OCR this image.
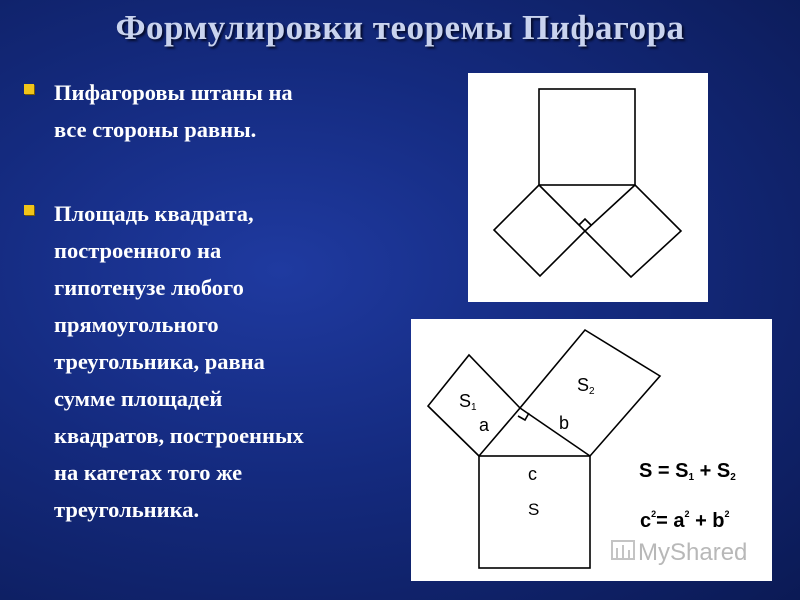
Формулировки теоремы Пифагора
Пифагоровы штаны на
все стороны равны.
Площадь квадрата,
построенного на
гипотенузе любого
прямоугольного
треугольника, равна
сумме площадей
квадратов, построенных
на катетах того же
треугольника.
S1
a
S2
b
c
S
S = S1 + S2
$c^2= a^2 + b^2$
MyShared
